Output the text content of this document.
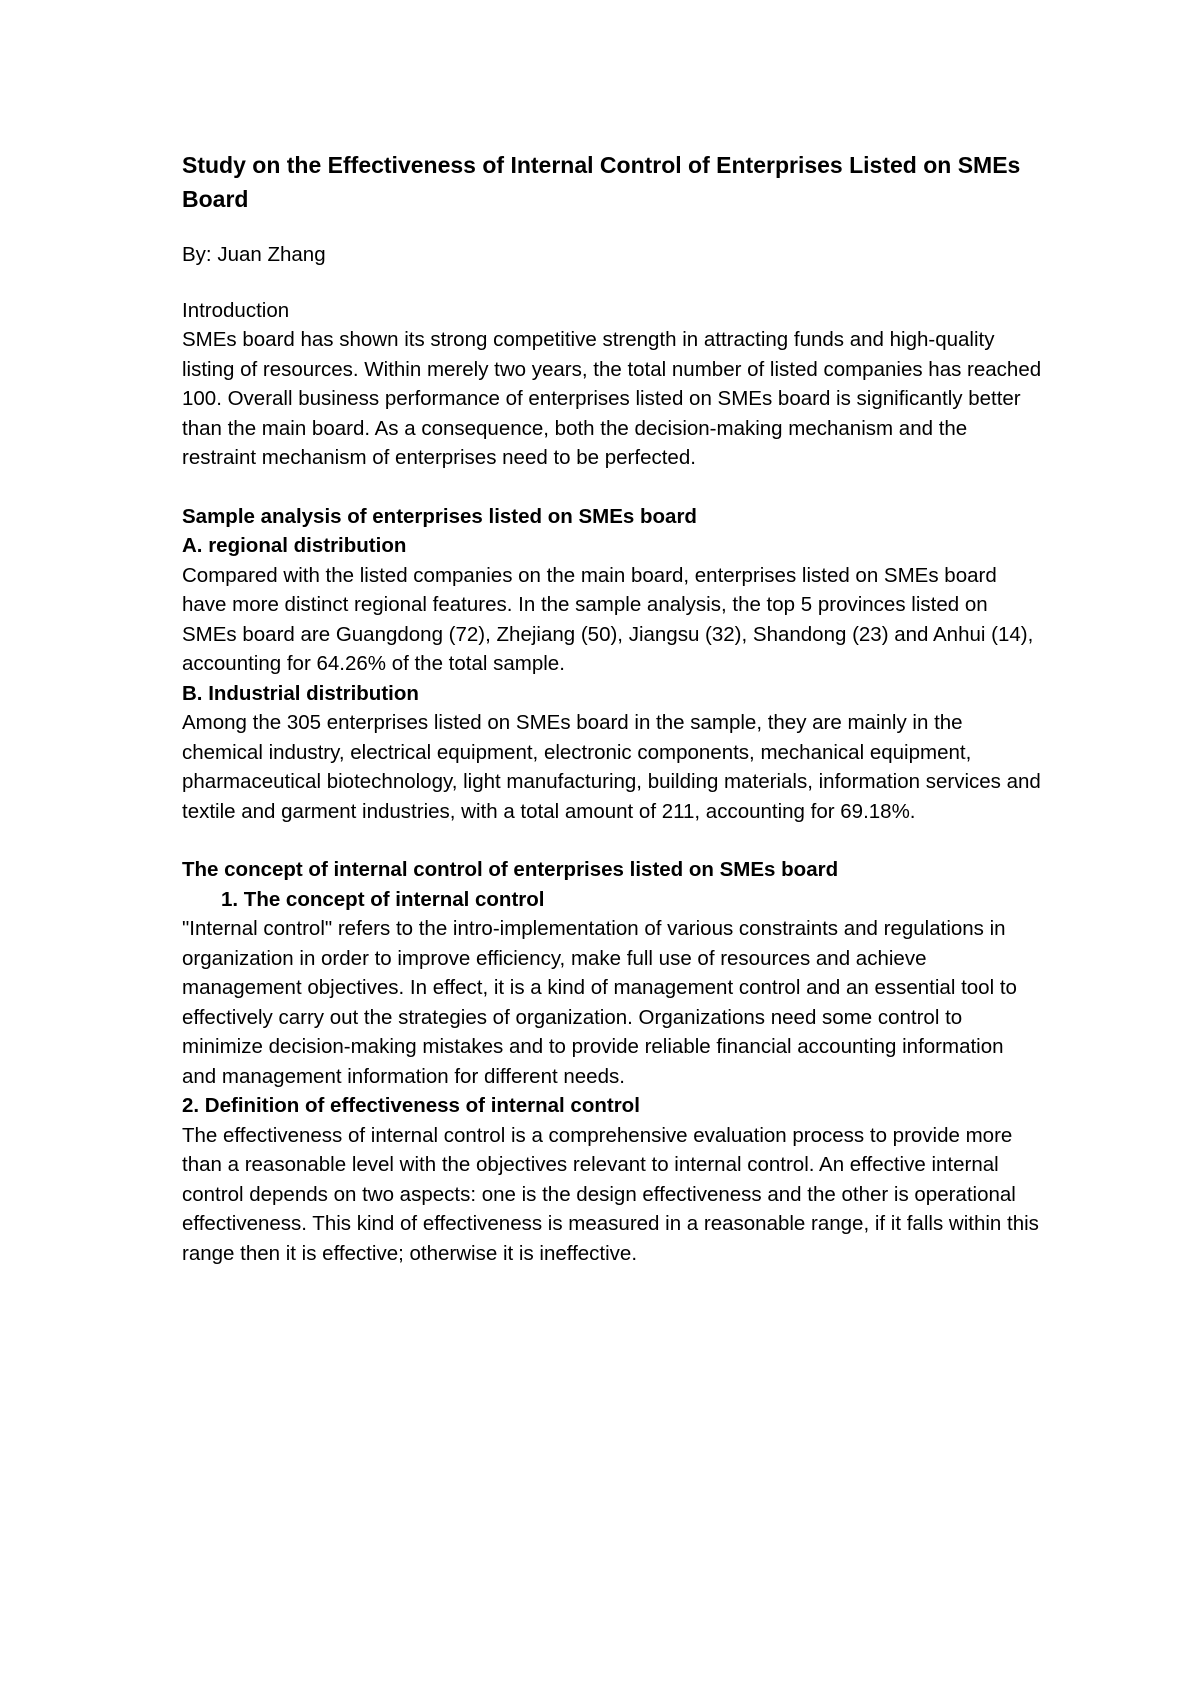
Study on the Effectiveness of Internal Control of Enterprises Listed on SMEs Board

By: Juan Zhang

Introduction

SMEs board has shown its strong competitive strength in attracting funds and high-quality listing of resources. Within merely two years, the total number of listed companies has reached 100. Overall business performance of enterprises listed on SMEs board is significantly better than the main board. As a consequence, both the decision-making mechanism and the restraint mechanism of enterprises need to be perfected.

Sample analysis of enterprises listed on SMEs board

A. regional distribution

Compared with the listed companies on the main board, enterprises listed on SMEs board have more distinct regional features. In the sample analysis, the top 5 provinces listed on SMEs board are Guangdong (72), Zhejiang (50), Jiangsu (32), Shandong (23) and Anhui (14), accounting for 64.26% of the total sample.

B. Industrial distribution

Among the 305 enterprises listed on SMEs board in the sample, they are mainly in the chemical industry, electrical equipment, electronic components, mechanical equipment, pharmaceutical biotechnology, light manufacturing, building materials, information services and textile and garment industries, with a total amount of 211, accounting for 69.18%.

The concept of internal control of enterprises listed on SMEs board

1. The concept of internal control

"Internal control" refers to the intro-implementation of various constraints and regulations in organization in order to improve efficiency, make full use of resources and achieve management objectives. In effect, it is a kind of management control and an essential tool to effectively carry out the strategies of organization. Organizations need some control to minimize decision-making mistakes and to provide reliable financial accounting information and management information for different needs.

2. Definition of effectiveness of internal control

The effectiveness of internal control is a comprehensive evaluation process to provide more than a reasonable level with the objectives relevant to internal control. An effective internal control depends on two aspects: one is the design effectiveness and the other is operational effectiveness. This kind of effectiveness is measured in a reasonable range, if it falls within this range then it is effective; otherwise it is ineffective.
